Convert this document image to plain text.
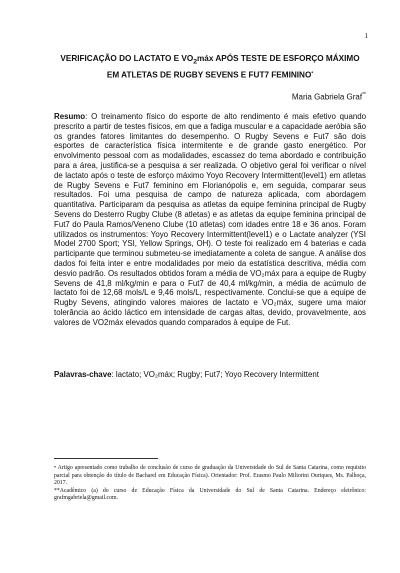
1
VERIFICAÇÃO DO LACTATO E $VO_2máx$ APÓS TESTE DE ESFORÇO MÁXIMO
EM ATLETAS DE RUGBY SEVENS E FUT7 FEMININO•
Maria Gabriela Graf**

Resumo: O treinamento físico do esporte de alto rendimento é mais efetivo quando prescrito a partir de testes físicos, em que a fadiga muscular e a capacidade aeróbia são os grandes fatores limitantes do desempenho. O Rugby Sevens e Fut7 são dois esportes de característica física intermitente e de grande gasto energético. Por envolvimento pessoal com as modalidades, escassez do tema abordado e contribuição para a área, justifica-se a pesquisa a ser realizada. O objetivo geral foi verificar o nível de lactato após o teste de esforço máximo Yoyo Recovery Intermittent(level1) em atletas de Rugby Sevens e Fut7 feminino em Florianópolis e, em seguida, comparar seus resultados. Foi uma pesquisa de campo de natureza aplicada, com abordagem quantitativa. Participaram da pesquisa as atletas da equipe feminina principal de Rugby Sevens do Desterro Rugby Clube (8 atletas) e as atletas da equipe feminina principal de Fut7 do Paula Ramos/Veneno Clube (10 atletas) com idades entre 18 e 36 anos. Foram utilizados os instrumentos: Yoyo Recovery Intermittent(level1) e o Lactate analyzer (YSI Model 2700 Sport; YSI, Yellow Springs, OH). O teste foi realizado em 4 baterias e cada participante que terminou submeteu-se imediatamente a coleta de sangue. A análise dos dados foi feita inter e entre modalidades por meio da estatística descritiva, média com desvio padrão. Os resultados obtidos foram a média de VO₂máx para a equipe de Rugby Sevens de 41,8 ml/kg/min e para o Fut7 de 40,4 ml/kg/min, a média de acúmulo de lactato foi de 12,68 mols/L e 9,46 mols/L, respectivamente. Conclui-se que a equipe de Rugby Sevens, atingindo valores maiores de lactato e VO₂máx, sugere uma maior tolerância ao ácido láctico em intensidade de cargas altas, devido, provavelmente, aos valores de VO2máx elevados quando comparados à equipe de Fut.

Palavras-chave: lactato; VO₂máx; Rugby; Fut7; Yoyo Recovery Intermittent

• Artigo apresentado como trabalho de conclusão de curso de graduação da Universidade do Sul de Santa Catarina, como requisito parcial para obtenção do título de Bacharel em Educação Física). Orientador: Prof. Erasmo Paulo Miliorini Ouriques, Ms. Palhoça, 2017.

**Acadêmico (a) do curso de Educação Física da Universidade do Sul de Santa Catarina. Endereço eletrônico: grafmgabriela@gmail.com.
